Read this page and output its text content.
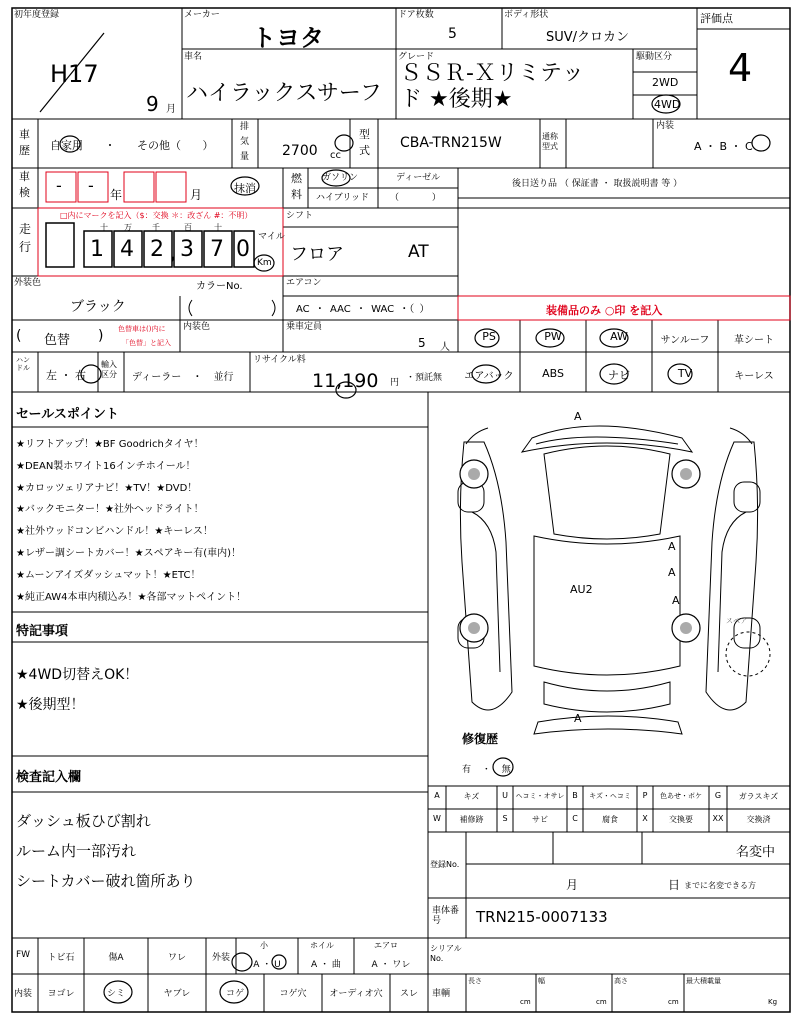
初年度登録
H17
9 月
メーカー
トヨタ
ドア枚数
5
ボディ形状
SUV/クロカン
評価点
4
車名
ハイラックスサーフ
グレード
ＳＳＲ-Ｘリミテッ
ド ★後期★
駆動区分
2WD
4WD
車
歴 自家用 ・ その他（ ）
排
気
量 2700 cc
型
式 CBA-TRN215W	通称型式
内装
A ・ B ・ C
車
検 - - 年	月	抹消
燃
料
ガソリン	ディーゼル
ハイブリッド （ ）
後日送り品 （ 保証書 ・ 取扱説明書 等 ）
走
行
□内にマークを記入（$：交換 ＊：改ざん #：不明）
十 万	千	百	十
1 4 2 , 3 7 0 マイル
Km
シフト
フロア	AT
外装色
ブラック
カラーNo.	エアコン
AC ・ AAC ・ WAC ・（ ）	装備品のみ ○印 を記入
( 色替 ) 色替車は()内に
「色替」と記入
内装色	乗車定員
5 人
PS	PW	AW	サンルーフ	革シート
エアバック	ABS	ナビ	TV	キーレス
ハンドル
左 ・ 右
輸入区分	ディーラー ・ 並行
リサイクル料
11,190 円 ・預託無
セールスポイント
★リフトアップ！★BF Goodrichタイヤ！
★DEAN製ホワイト16インチホイール！
★カロッツェリアナビ！★TV！★DVD！
★バックモニター！★社外ヘッドライト！
★社外ウッドコンビハンドル！★キーレス！
★レザー調シートカバー！★スペアキー有(車内)！
★ムーンアイズダッシュマット！★ETC！
★純正AW4本車内積込み！★各部マットペイント！
特記事項
★4WD切替えOK！
★後期型！
検査記入欄
ダッシュ板ひび割れ
ルーム内一部汚れ
シートカバー破れ箇所あり
A
A
A
A
A
AU2
スペア
修復歴
有 ・ 無
A	キズ	U	ヘコミ・オサレ B	キズ・ヘコミ	P	色あせ・ボケ	G	ガラスキズ
W	補修跡	S	サビ	C	腐食	X	交換要	XX	交換済
登録No.
名変中
月	日 までに名変できる方
車体番号	TRN215-0007133
シリアルNo.
FW	トビ石	傷A	ワレ	外装
小	ホイル	エアロ
A ・ U	A ・ 曲	A ・ ワレ
内装	ヨゴレ	シミ	ヤブレ	コゲ	コゲ穴	オーディオ穴	スレ	車輌
長さ
cm
幅
cm
高さ
cm
最大積載量
Kg
